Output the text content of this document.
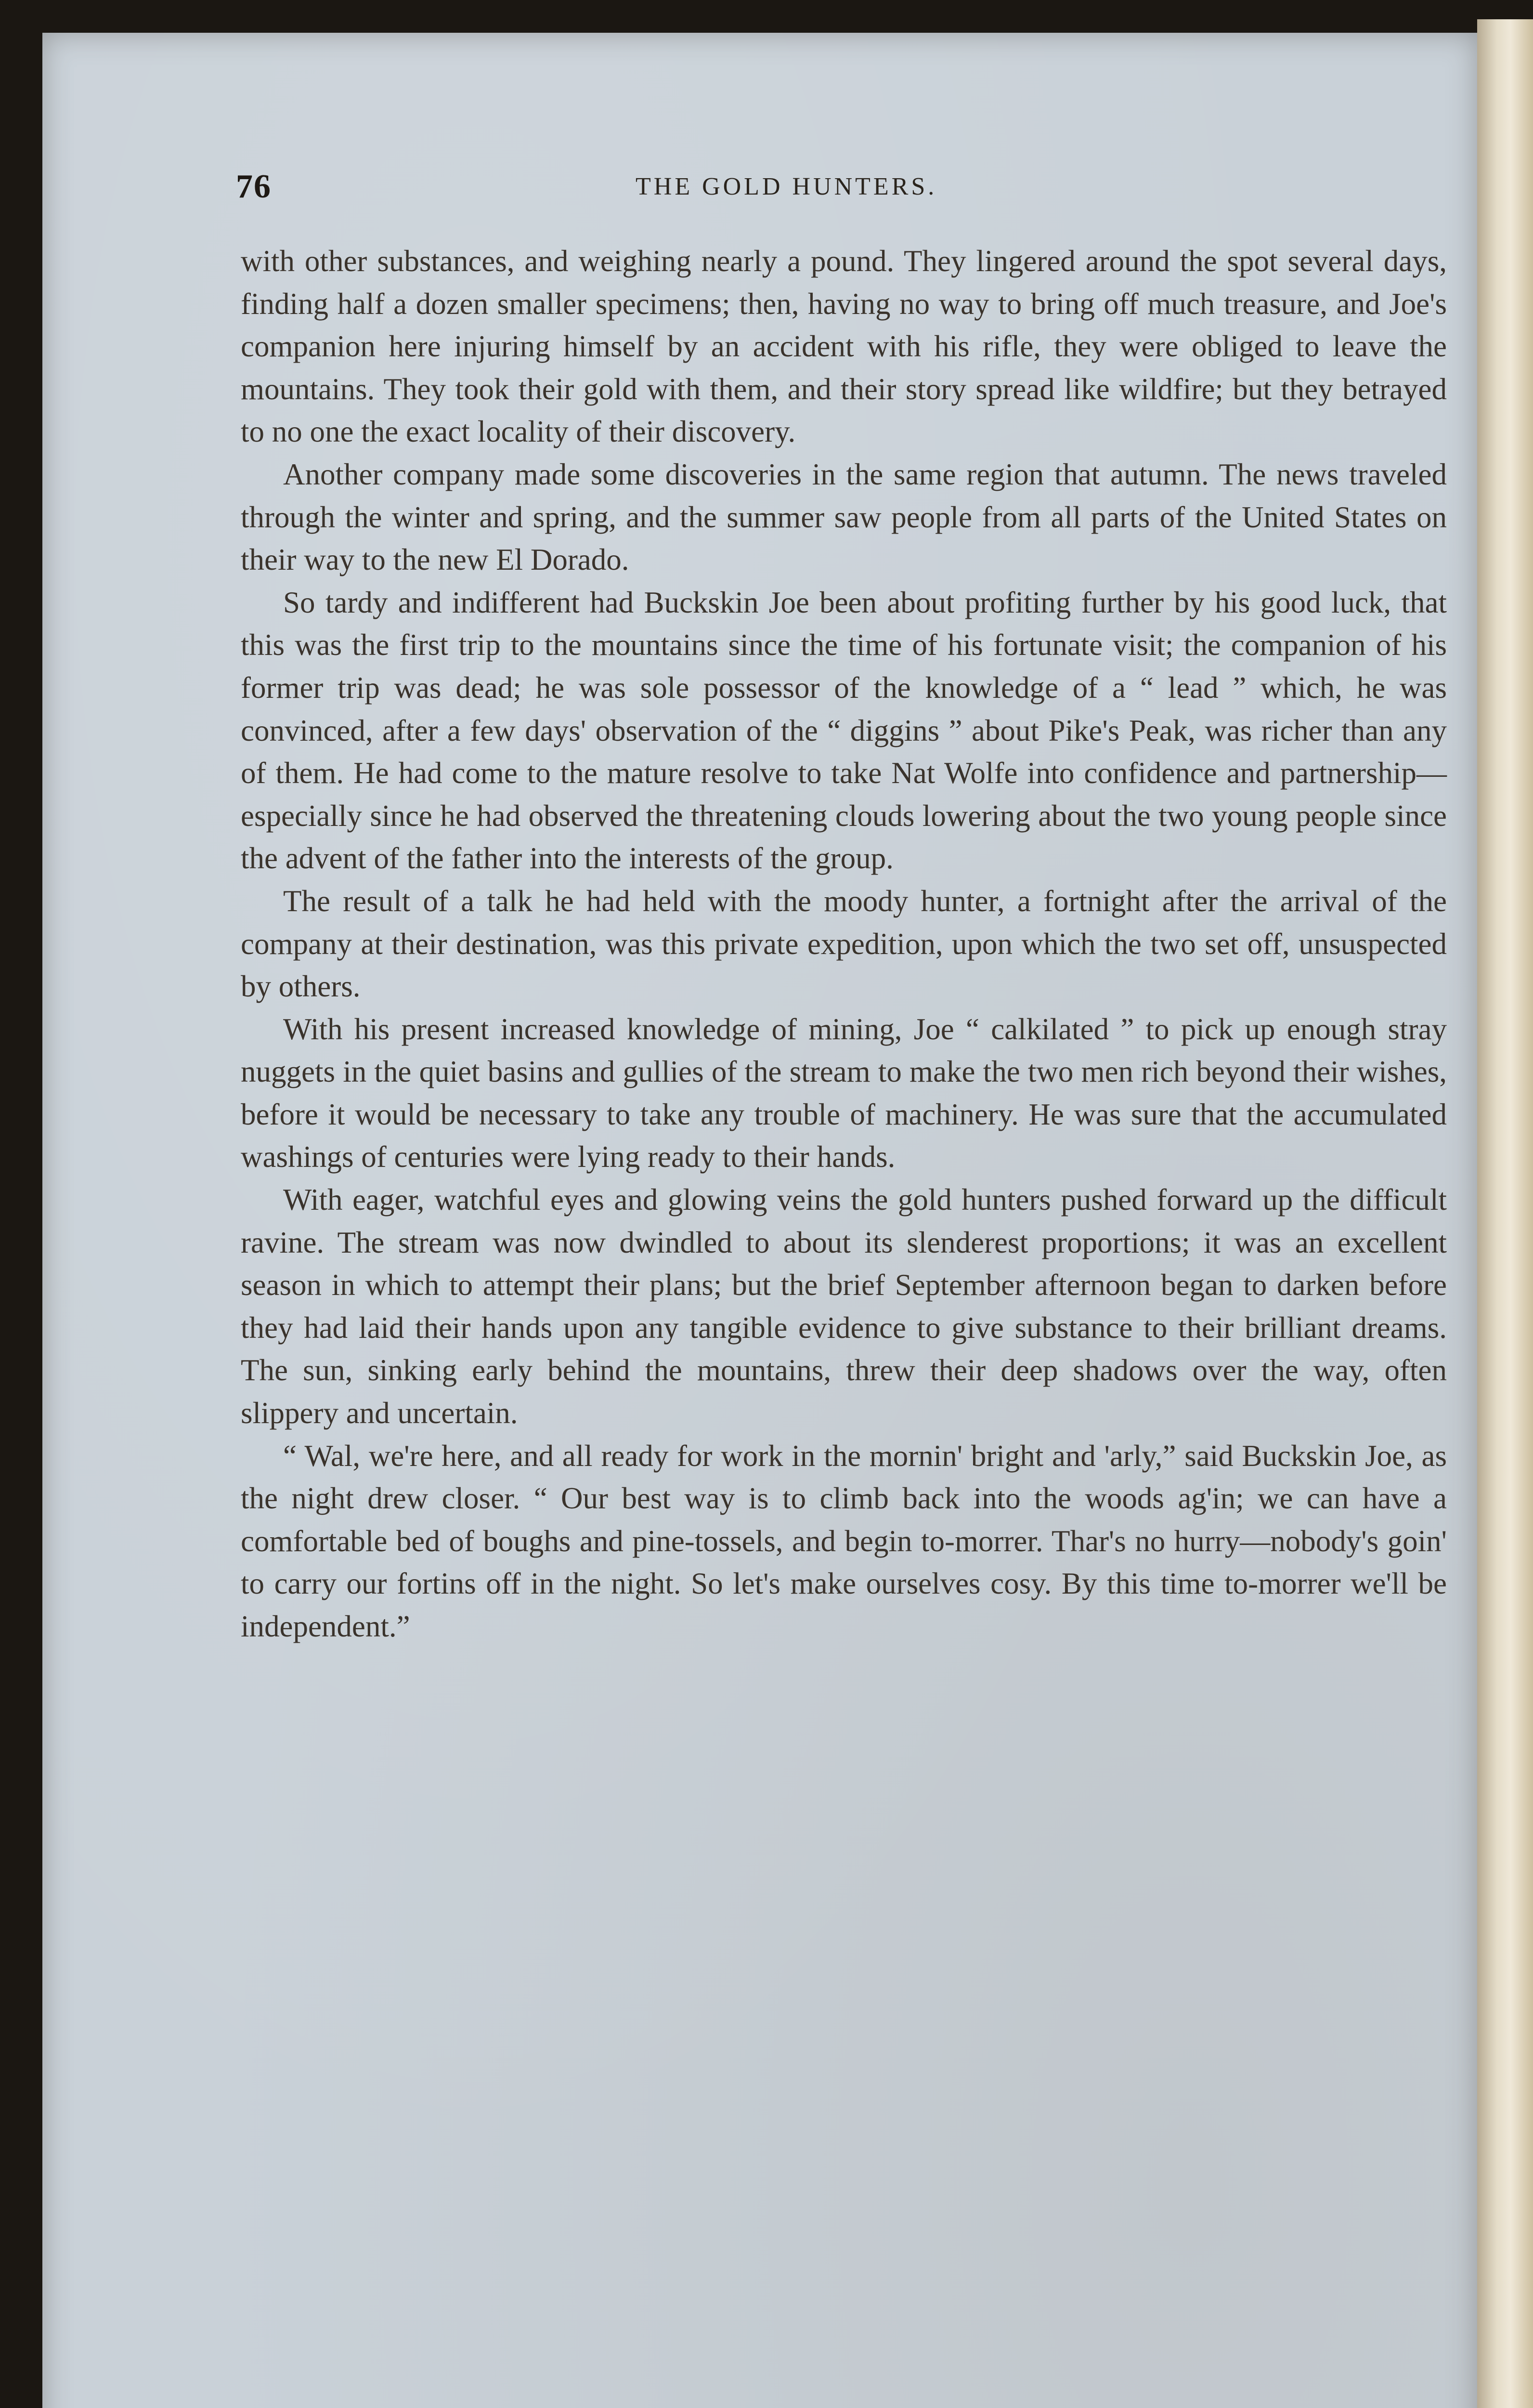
76	THE GOLD HUNTERS.

with other substances, and weighing nearly a pound. They lingered around the spot several days, finding half a dozen smaller specimens; then, having no way to bring off much treasure, and Joe's companion here injuring himself by an accident with his rifle, they were obliged to leave the mountains. They took their gold with them, and their story spread like wildfire; but they betrayed to no one the exact locality of their discovery.

Another company made some discoveries in the same region that autumn. The news traveled through the winter and spring, and the summer saw people from all parts of the United States on their way to the new El Dorado.

So tardy and indifferent had Buckskin Joe been about profiting further by his good luck, that this was the first trip to the mountains since the time of his fortunate visit; the companion of his former trip was dead; he was sole possessor of the knowledge of a “ lead ” which, he was convinced, after a few days' observation of the “ diggins ” about Pike's Peak, was richer than any of them. He had come to the mature resolve to take Nat Wolfe into confidence and partnership—especially since he had observed the threatening clouds lowering about the two young people since the advent of the father into the interests of the group.

The result of a talk he had held with the moody hunter, a fortnight after the arrival of the company at their destination, was this private expedition, upon which the two set off, unsuspected by others.

With his present increased knowledge of mining, Joe “ calkilated ” to pick up enough stray nuggets in the quiet basins and gullies of the stream to make the two men rich beyond their wishes, before it would be necessary to take any trouble of machinery. He was sure that the accumulated washings of centuries were lying ready to their hands.

With eager, watchful eyes and glowing veins the gold hunters pushed forward up the difficult ravine. The stream was now dwindled to about its slenderest proportions; it was an excellent season in which to attempt their plans; but the brief September afternoon began to darken before they had laid their hands upon any tangible evidence to give substance to their brilliant dreams. The sun, sinking early behind the mountains, threw their deep shadows over the way, often slippery and uncertain.

“ Wal, we're here, and all ready for work in the mornin' bright and 'arly,” said Buckskin Joe, as the night drew closer. “ Our best way is to climb back into the woods ag'in; we can have a comfortable bed of boughs and pine-tossels, and begin to-morrer. Thar's no hurry—nobody's goin' to carry our fortins off in the night. So let's make ourselves cosy. By this time to-morrer we'll be independent.”
